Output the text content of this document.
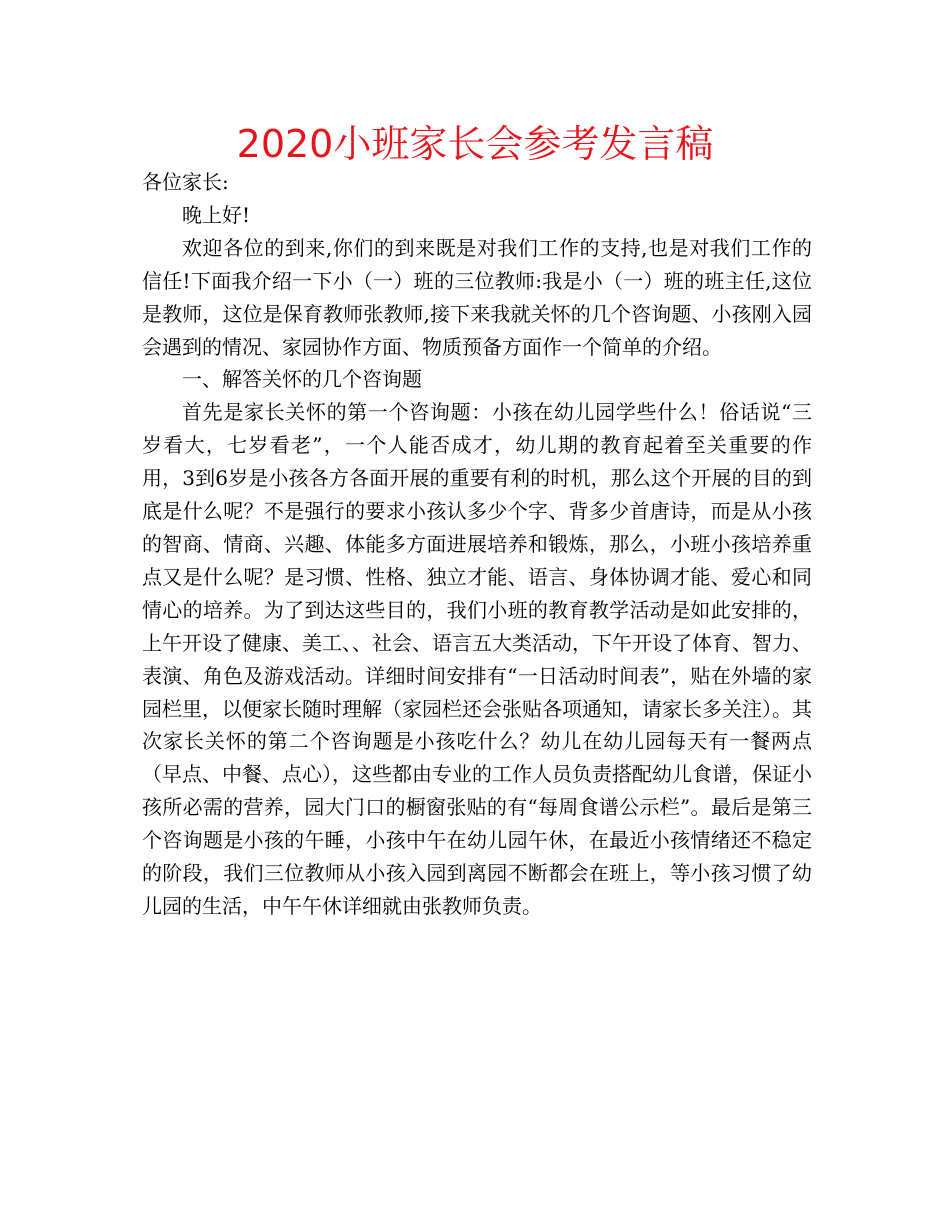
2020小班家长会参考发言稿

各位家长:

晚上好!

欢迎各位的到来,你们的到来既是对我们工作的支持,也是对我们工作的信任!下面我介绍一下小（一）班的三位教师:我是小（一）班的班主任,这位是教师，这位是保育教师张教师,接下来我就关怀的几个咨询题、小孩刚入园会遇到的情况、家园协作方面、物质预备方面作一个简单的介绍。

一、解答关怀的几个咨询题

首先是家长关怀的第一个咨询题：小孩在幼儿园学些什么！俗话说“三岁看大，七岁看老”，一个人能否成才，幼儿期的教育起着至关重要的作用，3到6岁是小孩各方各面开展的重要有利的时机，那么这个开展的目的到底是什么呢？不是强行的要求小孩认多少个字、背多少首唐诗，而是从小孩的智商、情商、兴趣、体能多方面进展培养和锻炼，那么，小班小孩培养重点又是什么呢？是习惯、性格、独立才能、语言、身体协调才能、爱心和同情心的培养。为了到达这些目的，我们小班的教育教学活动是如此安排的，上午开设了健康、美工、、社会、语言五大类活动，下午开设了体育、智力、表演、角色及游戏活动。详细时间安排有“一日活动时间表”，贴在外墙的家园栏里，以便家长随时理解（家园栏还会张贴各项通知，请家长多关注）。其次家长关怀的第二个咨询题是小孩吃什么？幼儿在幼儿园每天有一餐两点（早点、中餐、点心），这些都由专业的工作人员负责搭配幼儿食谱，保证小孩所必需的营养，园大门口的橱窗张贴的有“每周食谱公示栏”。最后是第三个咨询题是小孩的午睡，小孩中午在幼儿园午休，在最近小孩情绪还不稳定的阶段，我们三位教师从小孩入园到离园不断都会在班上，等小孩习惯了幼儿园的生活，中午午休详细就由张教师负责。
